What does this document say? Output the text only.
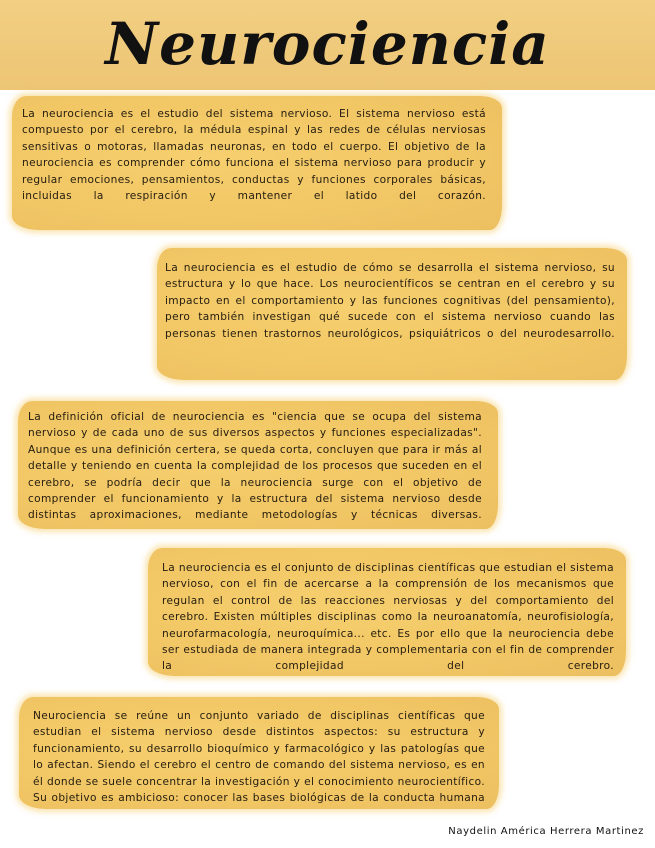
Neurociencia

La neurociencia es el estudio del sistema nervioso. El sistema nervioso está compuesto por el cerebro, la médula espinal y las redes de células nerviosas sensitivas o motoras, llamadas neuronas, en todo el cuerpo. El objetivo de la neurociencia es comprender cómo funciona el sistema nervioso para producir y regular emociones, pensamientos, conductas y funciones corporales básicas, incluidas la respiración y mantener el latido del corazón.

La neurociencia es el estudio de cómo se desarrolla el sistema nervioso, su estructura y lo que hace. Los neurocientíficos se centran en el cerebro y su impacto en el comportamiento y las funciones cognitivas (del pensamiento), pero también investigan qué sucede con el sistema nervioso cuando las personas tienen trastornos neurológicos, psiquiátricos o del neurodesarrollo.

La definición oficial de neurociencia es "ciencia que se ocupa del sistema nervioso y de cada uno de sus diversos aspectos y funciones especializadas". Aunque es una definición certera, se queda corta, concluyen que para ir más al detalle y teniendo en cuenta la complejidad de los procesos que suceden en el cerebro, se podría decir que la neurociencia surge con el objetivo de comprender el funcionamiento y la estructura del sistema nervioso desde distintas aproximaciones, mediante metodologías y técnicas diversas.

La neurociencia es el conjunto de disciplinas científicas que estudian el sistema nervioso, con el fin de acercarse a la comprensión de los mecanismos que regulan el control de las reacciones nerviosas y del comportamiento del cerebro. Existen múltiples disciplinas como la neuroanatomía, neurofisiología, neurofarmacología, neuroquímica... etc. Es por ello que la neurociencia debe ser estudiada de manera integrada y complementaria con el fin de comprender la complejidad del cerebro.

Neurociencia se reúne un conjunto variado de disciplinas científicas que estudian el sistema nervioso desde distintos aspectos: su estructura y funcionamiento, su desarrollo bioquímico y farmacológico y las patologías que lo afectan. Siendo el cerebro el centro de comando del sistema nervioso, es en él donde se suele concentrar la investigación y el conocimiento neurocientífico. Su objetivo es ambicioso: conocer las bases biológicas de la conducta humana

Naydelin América Herrera Martinez
